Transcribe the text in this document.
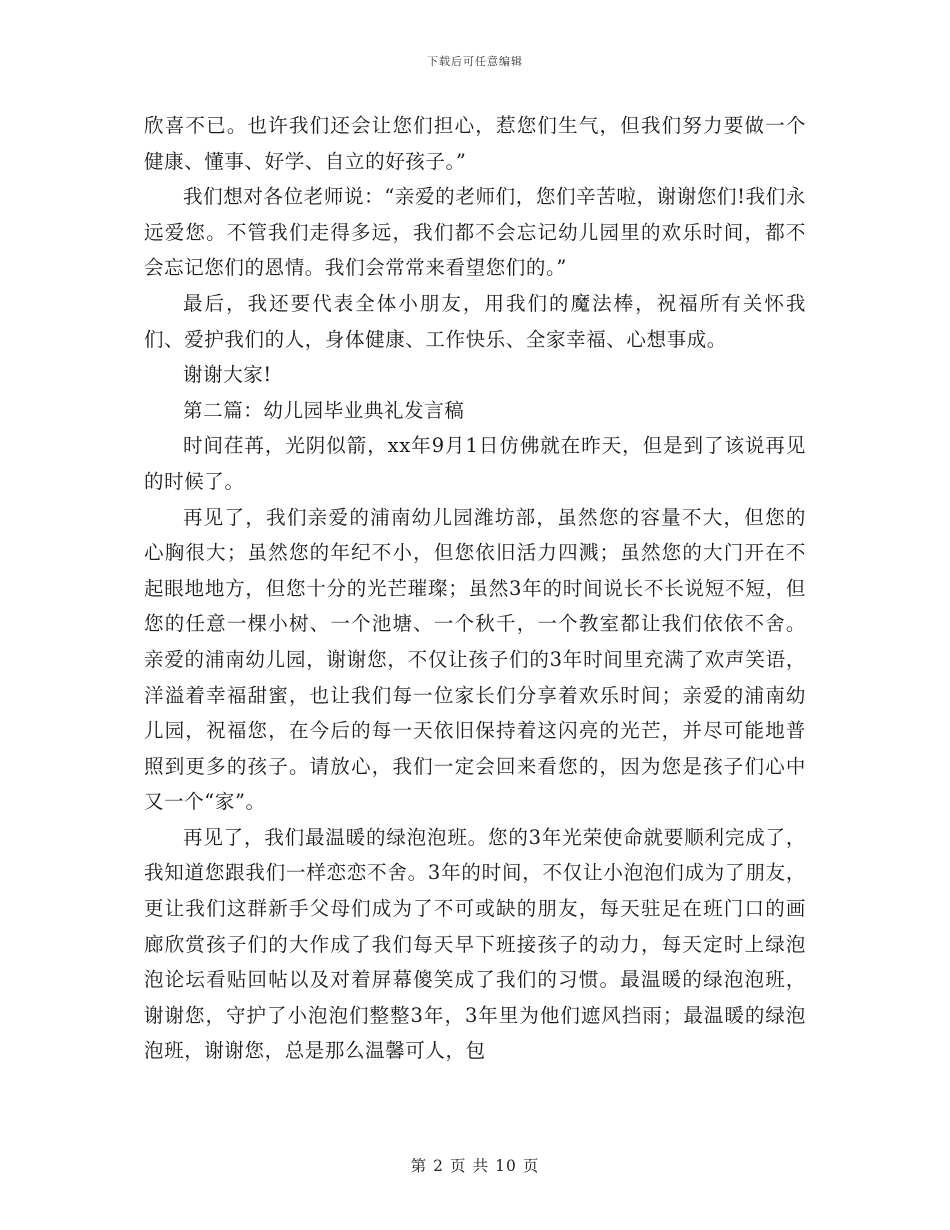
下载后可任意编辑

欣喜不已。也许我们还会让您们担心，惹您们生气，但我们努力要做一个健康、懂事、好学、自立的好孩子。”

我们想对各位老师说：“亲爱的老师们，您们辛苦啦，谢谢您们!我们永远爱您。不管我们走得多远，我们都不会忘记幼儿园里的欢乐时间，都不会忘记您们的恩情。我们会常常来看望您们的。”

最后，我还要代表全体小朋友，用我们的魔法棒，祝福所有关怀我们、爱护我们的人，身体健康、工作快乐、全家幸福、心想事成。

谢谢大家!

第二篇：幼儿园毕业典礼发言稿

时间荏苒，光阴似箭，xx年9月1日仿佛就在昨天，但是到了该说再见的时候了。

再见了，我们亲爱的浦南幼儿园潍坊部，虽然您的容量不大，但您的心胸很大；虽然您的年纪不小，但您依旧活力四溅；虽然您的大门开在不起眼地地方，但您十分的光芒璀璨；虽然3年的时间说长不长说短不短，但您的任意一棵小树、一个池塘、一个秋千，一个教室都让我们依依不舍。亲爱的浦南幼儿园，谢谢您，不仅让孩子们的3年时间里充满了欢声笑语，洋溢着幸福甜蜜，也让我们每一位家长们分享着欢乐时间；亲爱的浦南幼儿园，祝福您，在今后的每一天依旧保持着这闪亮的光芒，并尽可能地普照到更多的孩子。请放心，我们一定会回来看您的，因为您是孩子们心中又一个“家”。

再见了，我们最温暖的绿泡泡班。您的3年光荣使命就要顺利完成了，我知道您跟我们一样恋恋不舍。3年的时间，不仅让小泡泡们成为了朋友，更让我们这群新手父母们成为了不可或缺的朋友，每天驻足在班门口的画廊欣赏孩子们的大作成了我们每天早下班接孩子的动力，每天定时上绿泡泡论坛看贴回帖以及对着屏幕傻笑成了我们的习惯。最温暖的绿泡泡班，谢谢您，守护了小泡泡们整整3年，3年里为他们遮风挡雨；最温暖的绿泡泡班，谢谢您，总是那么温馨可人，包

第 2 页 共 10 页
